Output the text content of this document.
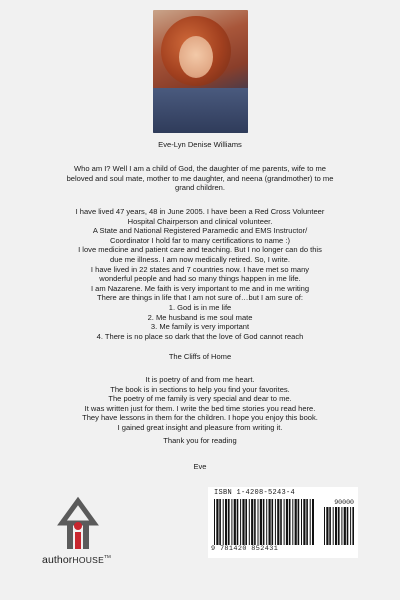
Eve-Lyn Denise Williams
Who am I? Well I am a child of God, the daughter of me parents, wife to me
beloved and soul mate, mother to me daughter, and neena (grandmother) to me
grand children.
I have lived 47 years, 48 in June 2005. I have been a Red Cross Volunteer
Hospital Chairperson and clinical volunteer.
A State and National Registered Paramedic and EMS Instructor/
Coordinator I hold far to many certifications to name :)
I love medicine and patient care and teaching. But I no longer can do this
due me illness. I am now medically retired. So, I write.
I have lived in 22 states and 7 countries now. I have met so many
wonderful people and had so many things happen in me life.
I am Nazarene. Me faith is very important to me and in me writing
There are things in life that I am not sure of…but I am sure of:
1. God is in me life
2. Me husband is me soul mate
3. Me family is very important
4. There is no place so dark that the love of God cannot reach
The Cliffs of Home
It is poetry of and from me heart.
The book is in sections to help you find your favorites.
The poetry of me family is very special and dear to me.
It was written just for them. I write the bed time stories you read here.
They have lessons in them for the children. I hope you enjoy this book.
I gained great insight and pleasure from writing it.
Thank you for reading
Eve
authorHOUSE™
ISBN 1-4208-5243-4
90000
9 781420 852431
